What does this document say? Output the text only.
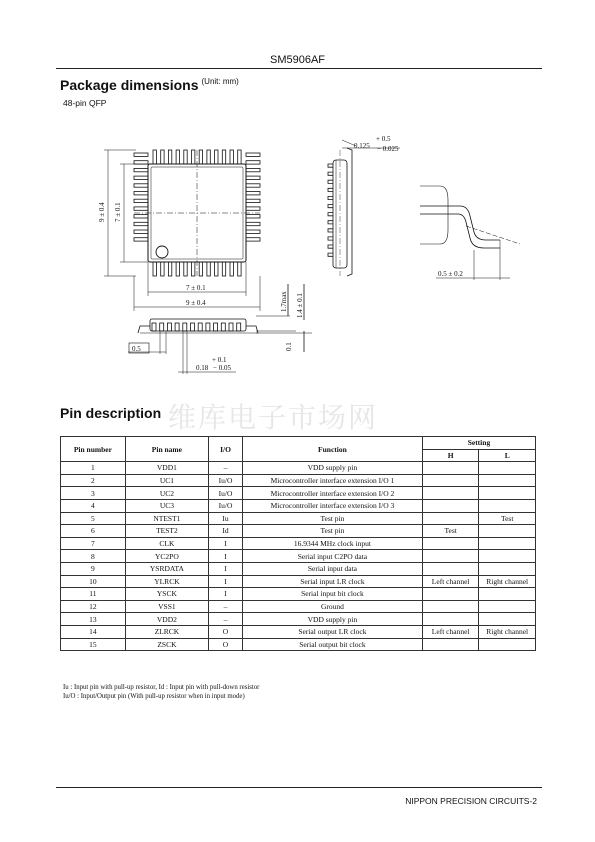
SM5906AF
Package dimensions $^{(Unit: mm)}$
48-pin QFP
9 ± 0.4 7 ± 0.1
7 ± 0.1
9 ± 0.4
0.5
1.7max 1.4 ± 0.1
0.1
+ 0.1
0.18 − 0.05
+ 0.5
0.125 − 0.025
0.5 ± 0.2
Pin description 维库电子市场网
Pin number	Pin name	I/O	Function	Setting	
				H	L
1	VDD1	–	VDD supply pin		
2	UC1	Iu/O	Microcontroller interface extension I/O 1		
3	UC2	Iu/O	Microcontroller interface extension I/O 2		
4	UC3	Iu/O	Microcontroller interface extension I/O 3		
5	NTEST1	Iu	Test pin		Test
6	TEST2	Id	Test pin	Test	
7	CLK	I	16.9344 MHz clock input		
8	YC2PO	I	Serial input C2PO data		
9	YSRDATA	I	Serial input data		
10	YLRCK	I	Serial input LR clock	Left channel	Right channel
11	YSCK	I	Serial input bit clock		
12	VSS1	–	Ground		
13	VDD2	–	VDD supply pin		
14	ZLRCK	O	Serial output LR clock	Left channel	Right channel
15	ZSCK	O	Serial output bit clock		
Iu : Input pin with pull-up resistor, Id : Input pin with pull-down resistor
Iu/O : Input/Output pin (With pull-up resistor when in input mode)
NIPPON PRECISION CIRCUITS-2
